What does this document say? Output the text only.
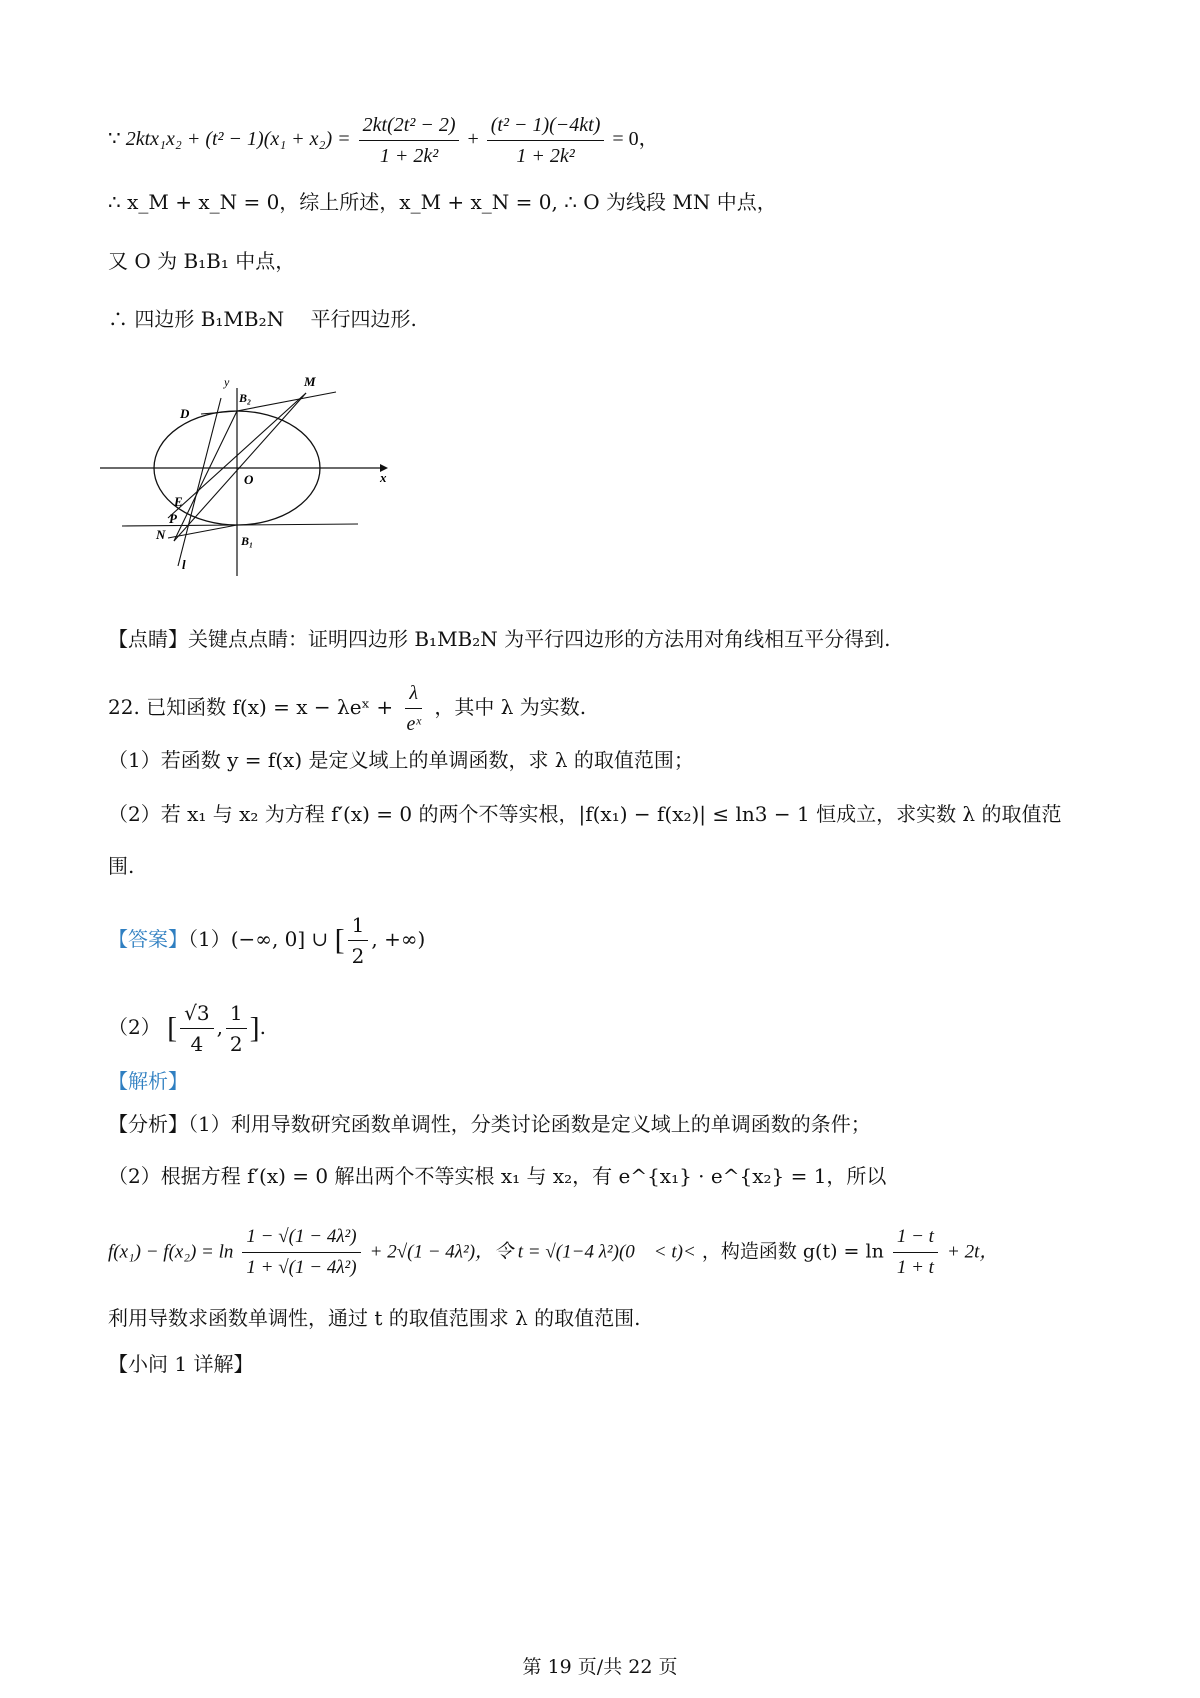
∵ $2ktx_1x_2 + (t^2 - 1)(x_1 + x_2) = \frac{\text{2kt(2t² − 2)}}{\text{1 + 2k²}} + \frac{\text{(t² − 1)(−4kt)}}{\text{1 + 2k²}} = 0$，
∴ x_M + x_N = 0，综上所述，x_M + x_N = 0, ∴ O 为线段 MN 中点，
又 O 为 B₁B₁ 中点，
∴ 四边形 B₁MB₂N　 平行四边形.
y
x
M
B₂
D
O
E
P
N	B₁
l
【点睛】关键点点睛：证明四边形 B₁MB₂N 为平行四边形的方法用对角线相互平分得到.
22. 已知函数 f(x) = x − λeˣ + $\frac{\lambda}{\text{eˣ}}$ ，其中 λ 为实数.
（1）若函数 y = f(x) 是定义域上的单调函数，求 λ 的取值范围；
（2）若 x₁ 与 x₂ 为方程 f′(x) = 0 的两个不等实根，|f(x₁) − f(x₂)| ≤ ln3 − 1 恒成立，求实数 λ 的取值范
围.
【答案】（1）(−∞, 0] ∪ [ $\frac{1}{2}$ , +∞)
（2） [ $\frac{√3}{4}$ , $\frac{1}{2}$ ].
【解析】
【分析】（1）利用导数研究函数单调性，分类讨论函数是定义域上的单调函数的条件；
（2）根据方程 f′(x) = 0 解出两个不等实根 x₁ 与 x₂，有 e^{x₁} · e^{x₂} = 1，所以
$f(x_1) - f(x_2) = \ln \frac{\text{1 − √(1 − 4λ²)}}{\text{1 + √(1 − 4λ²)}} + 2√(1 - 4\lambda^2)$，令 t = √(1−4 λ²)(0　< t)< ，构造函数 $g(t) = \ln \frac{1 - t}{1 + t} + 2t$，
利用导数求函数单调性，通过 t 的取值范围求 λ 的取值范围.
【小问 1 详解】
第 19 页/共 22 页
